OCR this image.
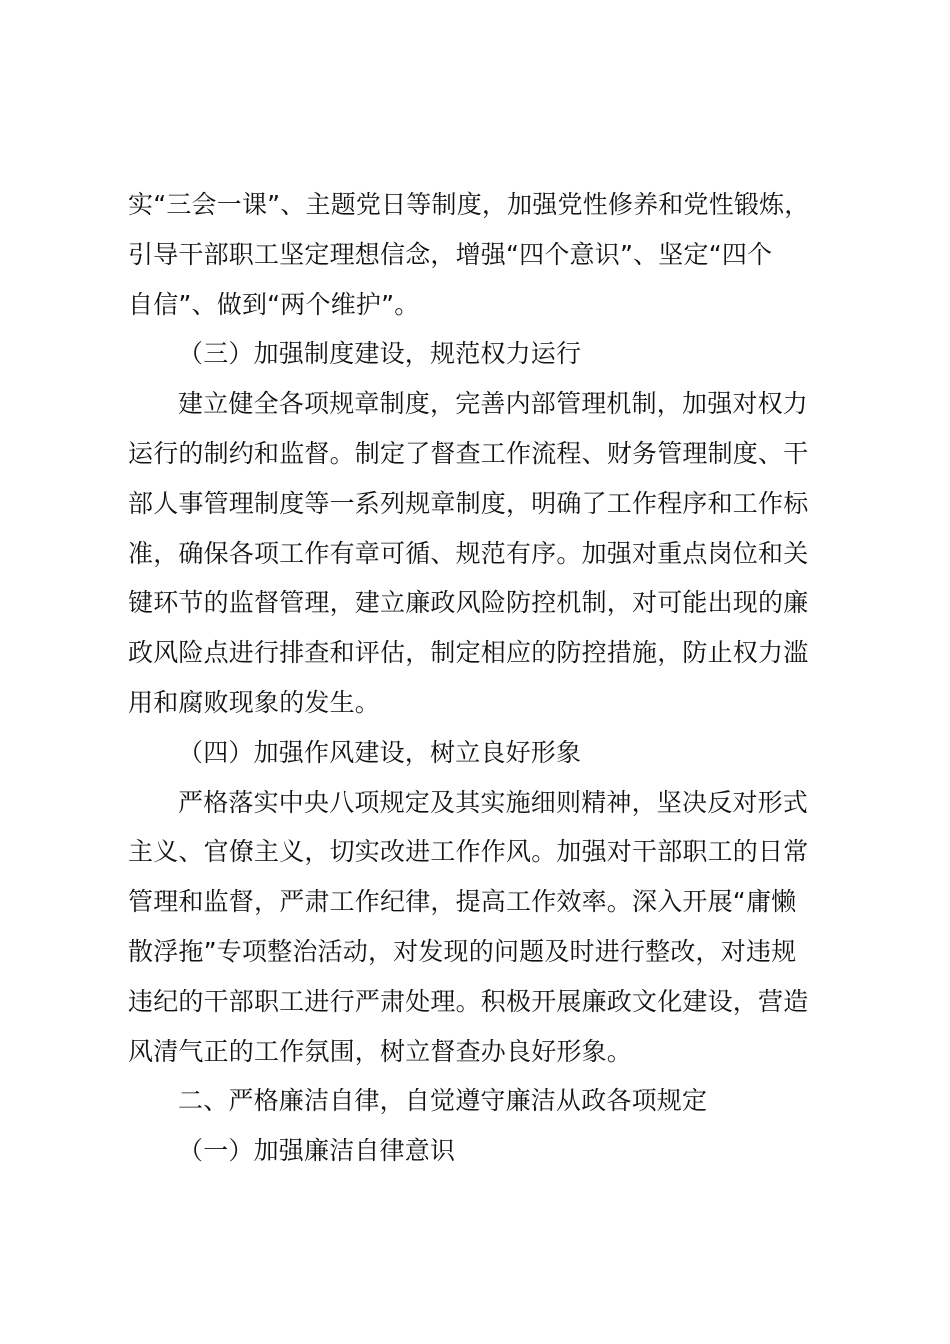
实“三会一课”、主题党日等制度，加强党性修养和党性锻炼，
引导干部职工坚定理想信念，增强“四个意识”、坚定“四个
自信”、做到“两个维护”。
（三）加强制度建设，规范权力运行
建立健全各项规章制度，完善内部管理机制，加强对权力
运行的制约和监督。制定了督查工作流程、财务管理制度、干
部人事管理制度等一系列规章制度，明确了工作程序和工作标
准，确保各项工作有章可循、规范有序。加强对重点岗位和关
键环节的监督管理，建立廉政风险防控机制，对可能出现的廉
政风险点进行排查和评估，制定相应的防控措施，防止权力滥
用和腐败现象的发生。
（四）加强作风建设，树立良好形象
严格落实中央八项规定及其实施细则精神，坚决反对形式
主义、官僚主义，切实改进工作作风。加强对干部职工的日常
管理和监督，严肃工作纪律，提高工作效率。深入开展“庸懒
散浮拖”专项整治活动，对发现的问题及时进行整改，对违规
违纪的干部职工进行严肃处理。积极开展廉政文化建设，营造
风清气正的工作氛围，树立督查办良好形象。
二、严格廉洁自律，自觉遵守廉洁从政各项规定
（一）加强廉洁自律意识
